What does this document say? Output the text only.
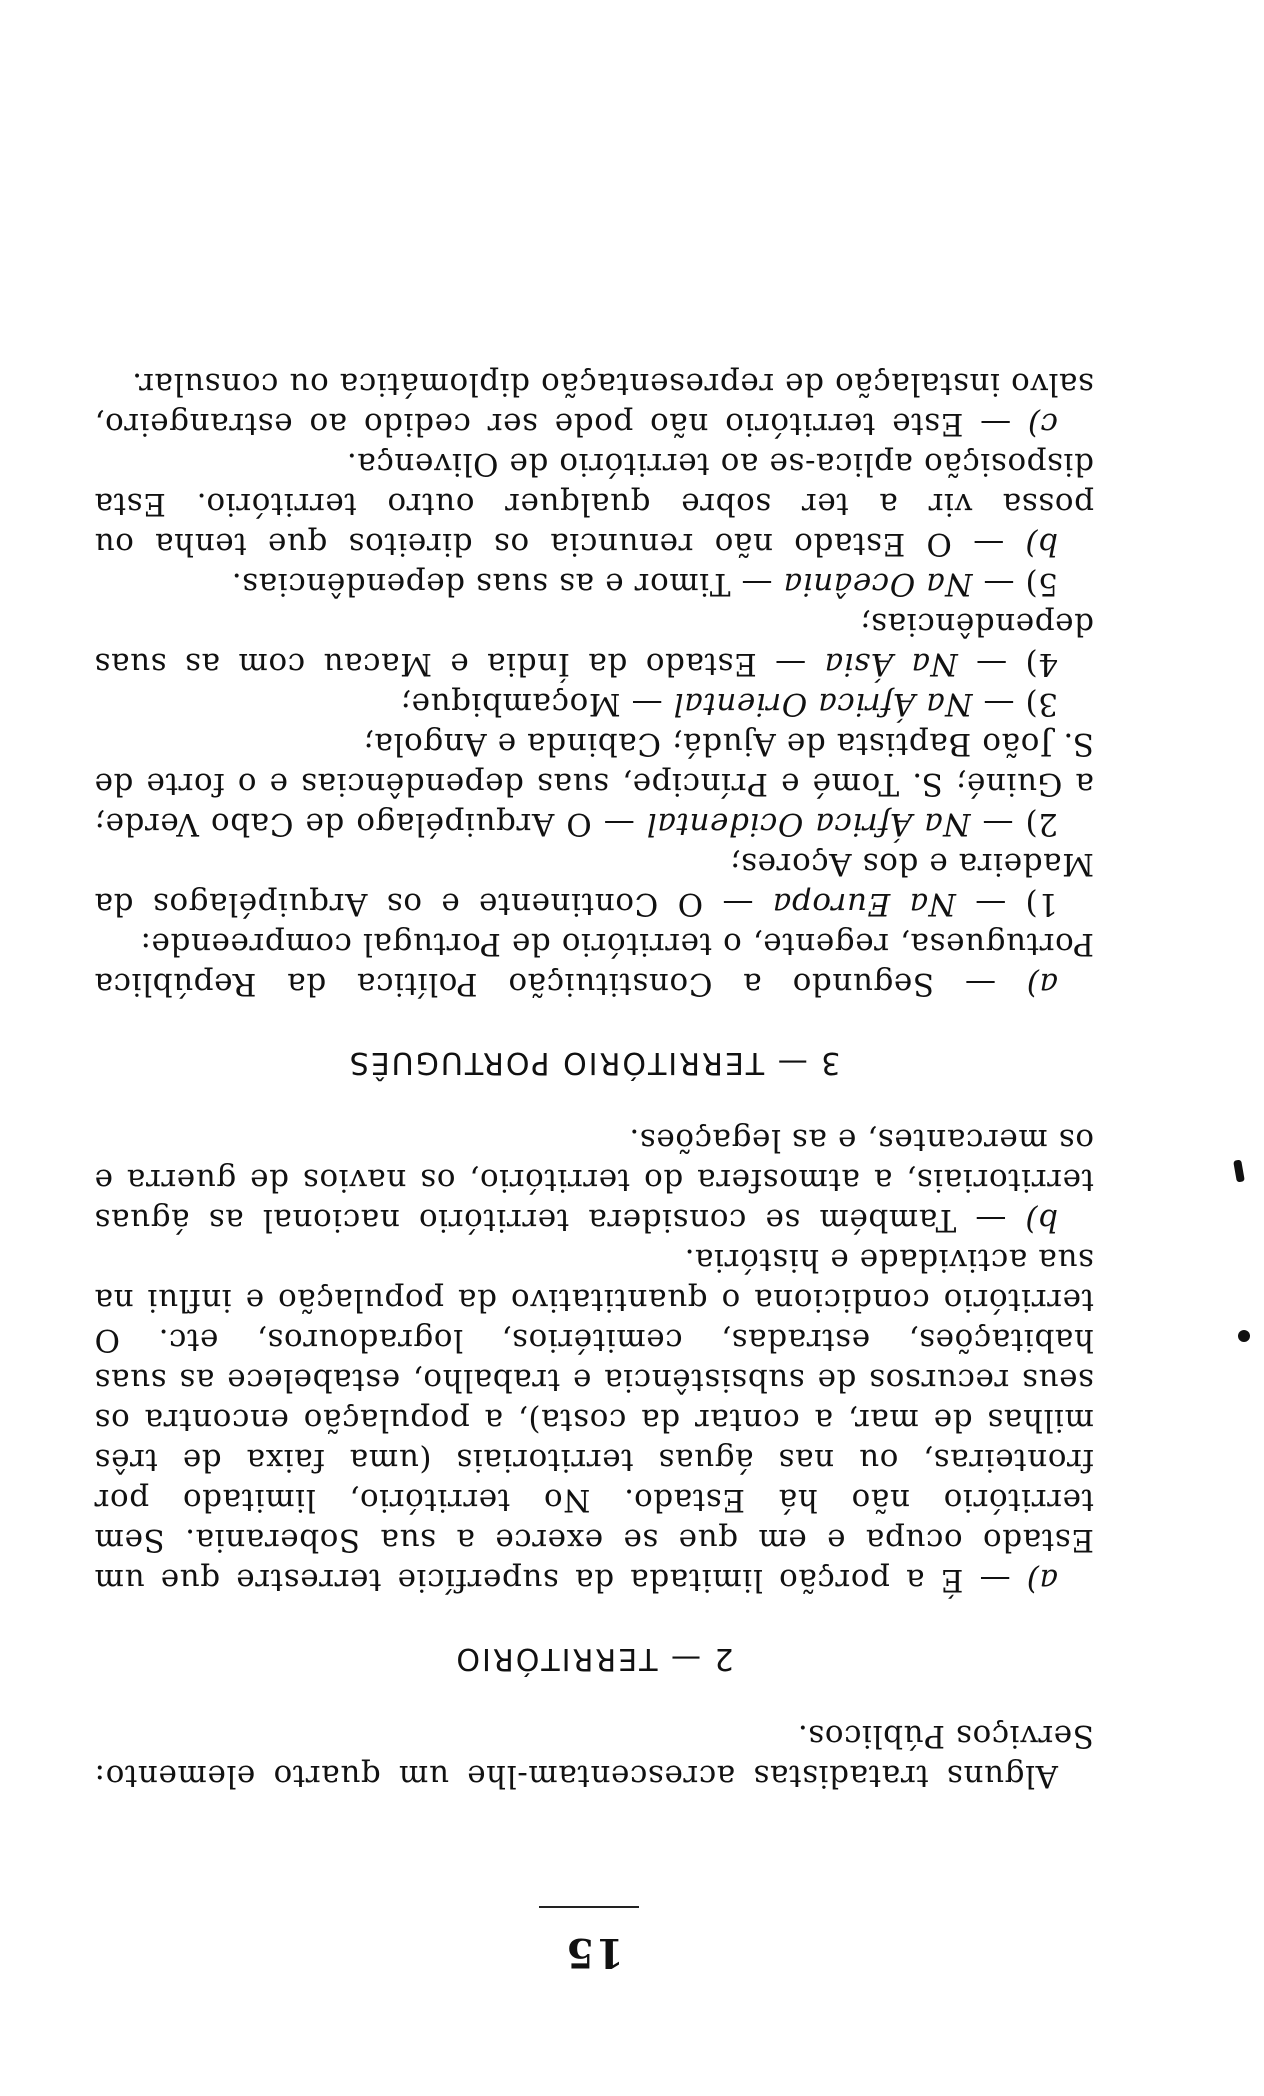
15

Alguns tratadistas acrescentam-lhe um quarto elemento: Serviços Públicos.

2 — TERRITÓRIO

a) — É a porção limitada da superfície terrestre que um Estado ocupa e em que se exerce a sua Soberania. Sem território não há Estado. No território, limitado por fronteiras, ou nas águas territoriais (uma faixa de três milhas de mar, a contar da costa), a população encontra os seus recursos de subsistência e trabalho, estabelece as suas habitações, estradas, cemitérios, logradouros, etc. O território condiciona o quantitativo da população e influi na sua actividade e história.

b) — Também se considera território nacional as águas territoriais, a atmosfera do território, os navios de guerra e os mercantes, e as legações.

3 — TERRITÓRIO PORTUGUÊS

a) — Segundo a Constituição Política da República Portuguesa, regente, o território de Portugal compreende:

1) — Na Europa — O Continente e os Arquipélagos da Madeira e dos Açores;

2) — Na África Ocidental — O Arquipélago de Cabo Verde; a Guiné; S. Tomé e Príncipe, suas dependências e o forte de S. João Baptista de Ajudá; Cabinda e Angola;

3) — Na África Oriental — Moçambique;

4) — Na Ásia — Estado da Índia e Macau com as suas dependências;

5) — Na Oceânia — Timor e as suas dependências.

b) — O Estado não renuncia os direitos que tenha ou possa vir a ter sobre qualquer outro território. Esta disposição aplica-se ao território de Olivença.

c) — Este território não pode ser cedido ao estrangeiro, salvo instalação de representação diplomática ou consular.
